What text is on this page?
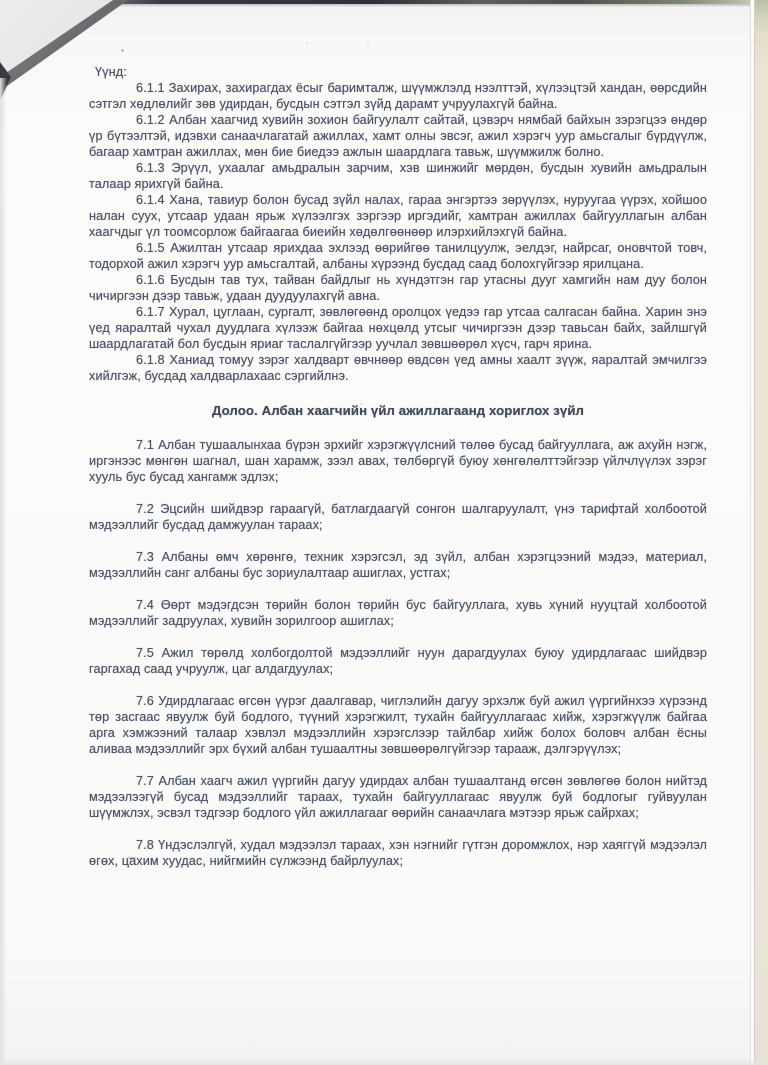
Үүнд:

6.1.1 Захирах, захирагдах ёсыг баримталж, шүүмжлэлд нээлттэй, хүлээцтэй хандан, өөрсдийн сэтгэл хөдлөлийг зөв удирдан, бусдын сэтгэл зүйд дарамт учруулахгүй байна.

6.1.2 Албан хаагчид хувийн зохион байгуулалт сайтай, цэвэрч нямбай байхын зэрэгцээ өндөр үр бүтээлтэй, идэвхи санаачлагатай ажиллах, хамт олны эвсэг, ажил хэрэгч уур амьсгалыг бүрдүүлж, багаар хамтран ажиллах, мөн бие биедээ ажлын шаардлага тавьж, шүүмжилж болно.

6.1.3 Эрүүл, ухаалаг амьдралын зарчим, хэв шинжийг мөрдөн, бусдын хувийн амьдралын талаар ярихгүй байна.

6.1.4 Хана, тавиур болон бусад зүйл налах, гараа энгэртээ зөрүүлэх, нуруугаа үүрэх, хойшоо налан суух, утсаар удаан ярьж хүлээлгэх зэргээр иргэдийг, хамтран ажиллах байгууллагын албан хаагчдыг үл тоомсорлож байгаагаа биеийн хөдөлгөөнөөр илэрхийлэхгүй байна.

6.1.5 Ажилтан утсаар ярихдаа эхлээд өөрийгөө танилцуулж, эелдэг, найрсаг, оновчтой товч, тодорхой ажил хэрэгч уур амьсгалтай, албаны хүрээнд бусдад саад болохгүйгээр ярилцана.

6.1.6 Бусдын тав тух, тайван байдлыг нь хүндэтгэн гар утасны дууг хамгийн нам дуу болон чичиргээн дээр тавьж, удаан дуудуулахгүй авна.

6.1.7 Хурал, цуглаан, сургалт, зөвлөгөөнд оролцох үедээ гар утсаа салгасан байна. Харин энэ үед яаралтай чухал дуудлага хүлээж байгаа нөхцөлд утсыг чичиргээн дээр тавьсан байх, зайлшгүй шаардлагатай бол бусдын яриаг таслалгүйгээр уучлал зөвшөөрөл хүсч, гарч ярина.

6.1.8 Ханиад томуу зэрэг халдварт өвчнөөр өвдсөн үед амны хаалт зүүж, яаралтай эмчилгээ хийлгэж, бусдад халдварлахаас сэргийлнэ.

Долоо. Албан хаагчийн үйл ажиллагаанд хориглох зүйл

7.1 Албан тушаалынхаа бүрэн эрхийг хэрэгжүүлсний төлөө бусад байгууллага, аж ахуйн нэгж, иргэнээс мөнгөн шагнал, шан харамж, зээл авах, төлбөргүй буюу хөнгөлөлттэйгээр үйлчлүүлэх зэрэг хууль бус бусад хангамж эдлэх;

7.2 Эцсийн шийдвэр гараагүй, батлагдаагүй сонгон шалгаруулалт, үнэ тарифтай холбоотой мэдээллийг бусдад дамжуулан тараах;

7.3 Албаны өмч хөрөнгө, техник хэрэгсэл, эд зүйл, албан хэрэгцээний мэдээ, материал, мэдээллийн санг албаны бус зориулалтаар ашиглах, устгах;

7.4 Өөрт мэдэгдсэн төрийн болон төрийн бус байгууллага, хувь хүний нууцтай холбоотой мэдээллийг задруулах, хувийн зорилгоор ашиглах;

7.5 Ажил төрөлд холбогдолтой мэдээллийг нуун дарагдуулах буюу удирдлагаас шийдвэр гаргахад саад учруулж, цаг алдагдуулах;

7.6 Удирдлагаас өгсөн үүрэг даалгавар, чиглэлийн дагуу эрхэлж буй ажил үүргийнхээ хүрээнд төр засгаас явуулж буй бодлого, түүний хэрэгжилт, тухайн байгууллагаас хийж, хэрэгжүүлж байгаа арга хэмжээний талаар хэвлэл мэдээллийн хэрэгслээр тайлбар хийж болох боловч албан ёсны аливаа мэдээллийг эрх бүхий албан тушаалтны зөвшөөрөлгүйгээр тарааж, дэлгэрүүлэх;

7.7 Албан хаагч ажил үүргийн дагуу удирдах албан тушаалтанд өгсөн зөвлөгөө болон нийтэд мэдээлээгүй бусад мэдээллийг тараах, тухайн байгууллагаас явуулж буй бодлогыг гуйвуулан шүүмжлэх, эсвэл тэдгээр бодлого үйл ажиллагааг өөрийн санаачлага мэтээр ярьж сайрхах;

7.8 Үндэслэлгүй, худал мэдээлэл тараах, хэн нэгнийг гүтгэн доромжлох, нэр хаяггүй мэдээлэл өгөх, цахим хуудас, нийгмийн сүлжээнд байрлуулах;
